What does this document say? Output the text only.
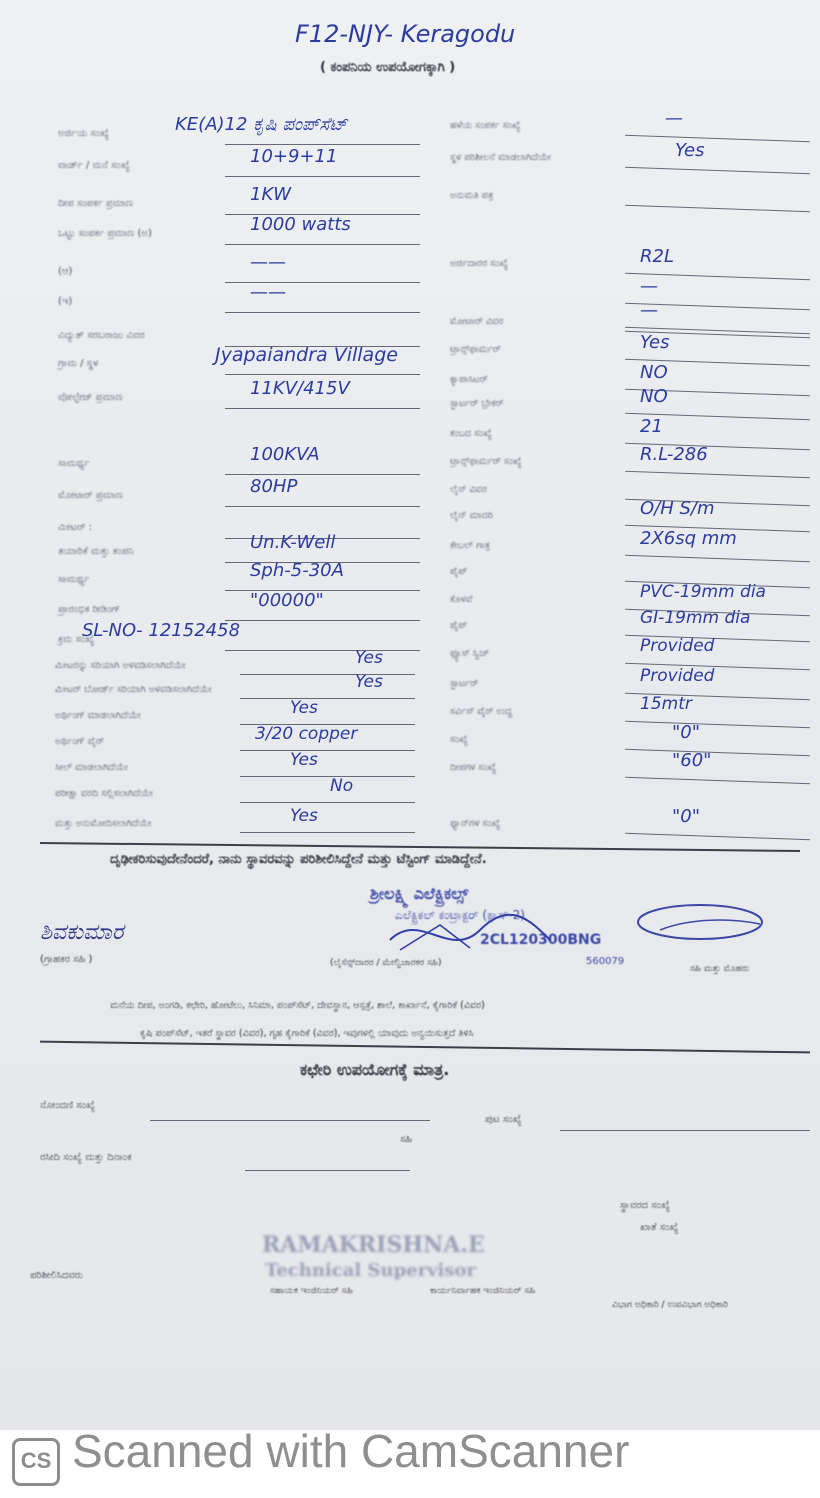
F12-NJY- Keragodu
( ಕಂಪನಿಯ ಉಪಯೋಗಕ್ಕಾಗಿ )
ದೃಢೀಕರಿಸುವುದೇನೆಂದರೆ, ನಾನು ಸ್ಥಾವರವನ್ನು ಪರಿಶೀಲಿಸಿದ್ದೇನೆ ಮತ್ತು ಟೆಸ್ಟಿಂಗ್ ಮಾಡಿದ್ದೇನೆ.
ಶಿವಕುಮಾರ
(ಗ್ರಾಹಕರ ಸಹಿ )
ಶ್ರೀಲಕ್ಷ್ಮಿ ಎಲೆಕ್ಟ್ರಿಕಲ್ಸ್
ಎಲೆಕ್ಟ್ರಿಕಲ್ ಕಂಟ್ರಾಕ್ಟರ್ (ಕ್ಲಾಸ್-2)
2CL120300BNG
560079
(ಲೈಸೆನ್ಸ್‌ದಾರರ / ಮೇಲ್ವಿಚಾರಕರ ಸಹಿ)
ಸಹಿ ಮತ್ತು ಮೊಹರು
ಮನೆಯ ದೀಪ, ಅಂಗಡಿ, ಕಛೇರಿ, ಹೋಟೆಲು, ಸಿನಿಮಾ, ಪಂಪ್‌ಸೆಟ್, ದೇವಸ್ಥಾನ, ಆಸ್ಪತ್ರೆ, ಶಾಲೆ, ಕಾರ್ಖಾನೆ, ಕೈಗಾರಿಕೆ (ವಿವರ)
ಕೃಷಿ ಪಂಪ್‌ಸೆಟ್, ಇತರೆ ಸ್ಥಾವರ (ವಿವರ), ಗೃಹ ಕೈಗಾರಿಕೆ (ವಿವರ), ಇವುಗಳಲ್ಲಿ ಯಾವುದು ಅನ್ವಯಿಸುತ್ತದೆ ತಿಳಿಸಿ
ಕಛೇರಿ ಉಪಯೋಗಕ್ಕೆ ಮಾತ್ರ.
ನೋಂದಣಿ ಸಂಖ್ಯೆ
ಪುಟ ಸಂಖ್ಯೆ
ಸಹಿ
ರಸೀದಿ ಸಂಖ್ಯೆ ಮತ್ತು ದಿನಾಂಕ
ಸ್ಥಾವರದ ಸಂಖ್ಯೆ
ಖಾತೆ ಸಂಖ್ಯೆ
RAMAKRISHNA.E
Technical Supervisor
ಪರಿಶೀಲಿಸಿದವರು
ಸಹಾಯಕ ಇಂಜಿನಿಯರ್ ಸಹಿ	ಕಾರ್ಯನಿರ್ವಾಹಕ ಇಂಜಿನಿಯರ್ ಸಹಿ
ವಿಭಾಗ ಅಧಿಕಾರಿ / ಉಪವಿಭಾಗ ಅಧಿಕಾರಿ
ಅರ್ಜಿಯ ಸಂಖ್ಯೆ	KE(A)12 ಕೃಷಿ ಪಂಪ್‌ಸೆಟ್
ವಾರ್ಡ್ / ಮನೆ ಸಂಖ್ಯೆ	10+9+11
ದೀಪ ಸಂಪರ್ಕ ಪ್ರಮಾಣ	1KW
ಒಟ್ಟು ಸಂಪರ್ಕ ಪ್ರಮಾಣ (ಅ)	1000 watts
(ಆ)	——
(ಇ)	——
ವಿದ್ಯುತ್ ಸರಬರಾಜು ವಿವರ
ಗ್ರಾಮ / ಸ್ಥಳ	Jyapaiandra Village
ವೋಲ್ಟೇಜ್ ಪ್ರಮಾಣ	11KV/415V
ಸಾಮರ್ಥ್ಯ	100KVA
ಮೋಟಾರ್ ಪ್ರಮಾಣ	80HP
ಮೀಟರ್ :
ತಯಾರಿಕೆ ಮತ್ತು ಕಂಪನಿ	Un.K-Well
ಸಾಮರ್ಥ್ಯ	Sph-5-30A
ಪ್ರಾರಂಭಿಕ ರೀಡಿಂಗ್	"00000"
ಕ್ರಮ ಸಂಖ್ಯೆ
SL-NO- 12152458
ಮೀಟರನ್ನು ಸರಿಯಾಗಿ ಅಳವಡಿಸಲಾಗಿದೆಯೇ	Yes
ಮೀಟರ್ ಬೋರ್ಡ್ ಸರಿಯಾಗಿ ಅಳವಡಿಸಲಾಗಿದೆಯೇ	Yes
ಅರ್ಥಿಂಗ್ ಮಾಡಲಾಗಿದೆಯೇ	Yes
ಅರ್ಥಿಂಗ್ ವೈರ್	3/20 copper
ಸೀಲ್ ಮಾಡಲಾಗಿದೆಯೇ	Yes
ಪರೀಕ್ಷಾ ವರದಿ ಸಲ್ಲಿಸಲಾಗಿದೆಯೇ	No
ಮತ್ತು ಅನುಮೋದಿಸಲಾಗಿದೆಯೇ	Yes
ಹಳೆಯ ಸಂಪರ್ಕ ಸಂಖ್ಯೆ	—
ಸ್ಥಳ ಪರಿಶೀಲನೆ ಮಾಡಲಾಗಿದೆಯೇ	Yes
ಅನುಮತಿ ಪತ್ರ
ಅರ್ಜಿದಾರರ ಸಂಖ್ಯೆ	R2L
—
—
ಮೋಟಾರ್ ವಿವರ
ಟ್ರಾನ್ಸ್‌ಫಾರ್ಮರ್	Yes
ಕ್ಯಾಪಾಸಿಟರ್	NO
ಸ್ಟಾರ್ಟರ್ ಬ್ರೇಕರ್	NO
ಕಂಬದ ಸಂಖ್ಯೆ	21
ಟ್ರಾನ್ಸ್‌ಫಾರ್ಮರ್ ಸಂಖ್ಯೆ	R.L-286
ಲೈನ್ ವಿವರ
ಲೈನ್ ಮಾದರಿ	O/H S/m
ಕೇಬಲ್ ಗಾತ್ರ	2X6sq mm
ಪೈಪ್
ಕೊಳವೆ	PVC-19mm dia
ಪೈಪ್	GI-19mm dia
ಫ್ಯೂಸ್ ಸ್ವಿಚ್	Provided
ಸ್ಟಾರ್ಟರ್	Provided
ಸರ್ವಿಸ್ ವೈರ್ ಉದ್ದ	15mtr
ಸಂಖ್ಯೆ	"0"
ದೀಪಗಳ ಸಂಖ್ಯೆ	"60"
ಫ್ಯಾನ್‌ಗಳ ಸಂಖ್ಯೆ	"0"
CS Scanned with CamScanner
